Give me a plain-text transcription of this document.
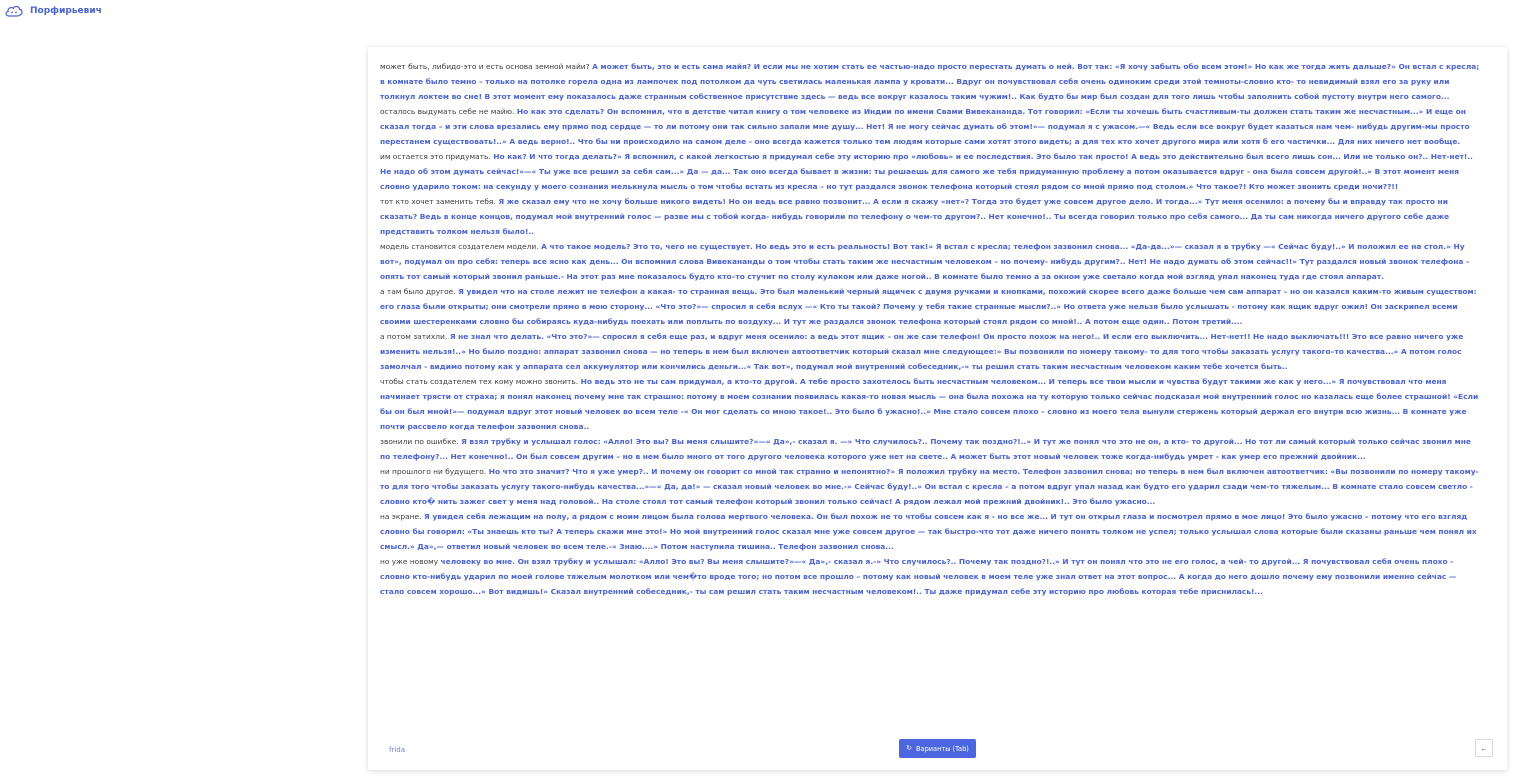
Порфирьевич

может быть, либидо-это и есть основа земной майи? А может быть, это и есть сама майя? И если мы не хотим стать ее частью-надо просто перестать думать о ней. Вот так: «Я хочу забыть обо всем этом!» Но как же тогда жить дальше?» Он встал с кресла; в комнате было темно – только на потолке горела одна из лампочек под потолком да чуть светилась маленькая лампа у кровати... Вдруг он почувствовал себя очень одиноким среди этой темноты-словно кто- то невидимый взял его за руку или толкнул локтем во сне! В этот момент ему показалось даже странным собственное присутствие здесь — ведь все вокруг казалось таким чужим!.. Как будто бы мир был создан для того лишь чтобы заполнить собой пустоту внутри него самого...

осталось выдумать себе не майю. Но как это сделать? Он вспомнил, что в детстве читал книгу о том человеке из Индии по имени Свами Вивекананда. Тот говорил: «Если ты хочешь быть счастливым-ты должен стать таким же несчастным...» И еще он сказал тогда – и эти слова врезались ему прямо под сердце — то ли потому они так сильно запали мне душу... Нет! Я не могу сейчас думать об этом!»— подумал я с ужасом.—« Ведь если все вокруг будет казаться нам чем- нибудь другим-мы просто перестанем существовать!..» А ведь верно!.. Что бы ни происходило на самом деле - оно всегда кажется только тем людям которые сами хотят этого видеть; а для тех кто хочет другого мира или хотя б его частички... Для них ничего нет вообще.

им остается это придумать. Но как? И что тогда делать?» Я вспомнил, с какой легкостью я придумал себе эту историю про «любовь» и ее последствия. Это было так просто! А ведь это действительно был всего лишь сон... Или не только он?.. Нет-нет!.. Не надо об этом думать сейчас!»—« Ты уже все решил за себя сам...» Да — да... Так оно всегда бывает в жизни: ты решаешь для самого же тебя придуманную проблему а потом оказывается вдруг - она была совсем другой!..» В этот момент меня словно ударило током: на секунду у моего сознания мелькнула мысль о том чтобы встать из кресла – но тут раздался звонок телефона который стоял рядом со мной прямо под столом.» Что такое?! Кто может звонить среди ночи??!!

тот кто хочет заменить тебя. Я же сказал ему что не хочу больше никого видеть! Но он ведь все равно позвонит... А если я скажу «нет»? Тогда это будет уже совсем другое дело. И тогда...» Тут меня осенило: а почему бы и вправду так просто ни сказать? Ведь в конце концов, подумал мой внутренний голос — разве мы с тобой когда- нибудь говорили по телефону о чем-то другом?.. Нет конечно!.. Ты всегда говорил только про себя самого... Да ты сам никогда ничего другого себе даже представить толком нельзя было!..

модель становится создателем модели. А что такое модель? Это то, чего не существует. Но ведь это и есть реальность! Вот так!» Я встал с кресла; телефон зазвонил снова... «Да-да...»— сказал я в трубку —« Сейчас буду!..» И положил ее на стол.» Ну вот», подумал он про себя: теперь все ясно как день... Он вспомнил слова Вивекананды о том чтобы стать таким же несчастным человеком – но почему- нибудь другим?.. Нет! Не надо думать об этом сейчас!!» Тут раздался новый звонок телефона - опять тот самый который звонил раньше.- На этот раз мне показалось будто кто–то стучит по столу кулаком или даже ногой.. В комнате было темно а за окном уже светало когда мой взгляд упал наконец туда где стоял аппарат.

а там было другое. Я увидел что на столе лежит не телефон а какая- то странная вещь. Это был маленький черный ящичек с двумя ручками и кнопками, похожий скорее всего даже больше чем сам аппарат – но он казался каким-то живым существом: его глаза были открыты; они смотрели прямо в мою сторону... «Что это?»— спросил я себя вслух —« Кто ты такой? Почему у тебя такие странные мысли?..» Но ответа уже нельзя было услышать - потому как ящик вдруг ожил! Он заскрипел всеми своими шестеренками словно бы собираясь куда-нибудь поехать или поплыть по воздуху... И тут же раздался звонок телефона который стоял рядом со мной!.. А потом еще один.. Потом третий....

а потом затихли. Я не знал что делать. «Что это?»— спросил я себя еще раз, и вдруг меня осенило: а ведь этот ящик – он же сам телефон! Он просто похож на него!.. И если его выключить... Нет-нет!! Не надо выключать!!! Это все равно ничего уже изменить нельзя!..» Но было поздно: аппарат зазвонил снова — но теперь в нем был включен автоответчик который сказал мне следующее:» Вы позвонили по номеру такому- то для того чтобы заказать услугу такого–то качества...» А потом голос замолчал - видимо потому как у аппарата сел аккумулятор или кончились деньги...« Так вот», подумал мой внутренний собеседник,-» ты решил стать таким несчастным человеком каким тебе хочется быть..

чтобы стать создателем тех кому можно звонить. Но ведь это не ты сам придумал, а кто-то другой. А тебе просто захотелось быть несчастным человеком... И теперь все твои мысли и чувства будут такими же как у него...» Я почувствовал что меня начинает трясти от страха; я понял наконец почему мне так страшно: потому в моем сознании появилась какая-то новая мысль — она была похожа на ту которую только сейчас подсказал мой внутренний голос но казалась еще более страшной! «Если бы он был мной!»— подумал вдруг этот новый человек во всем теле -« Он мог сделать со мною такое!.. Это было б ужасно!..» Мне стало совсем плохо – словно из моего тела вынули стержень который держал его внутри всю жизнь... В комнате уже почти рассвело когда телефон зазвонил снова..

звонили по ошибке. Я взял трубку и услышал голос: «Алло! Это вы? Вы меня слышите?»—« Да»,- сказал я. —» Что случилось?.. Почему так поздно?!..» И тут же понял что это не он, а кто- то другой... Но тот ли самый который только сейчас звонил мне по телефону?... Нет конечно!.. Он был совсем другим – но в нем было много от того другого человека которого уже нет на свете.. А может быть этот новый человек тоже когда-нибудь умрет - как умер его прежний двойник...

ни прошлого ни будущего. Но что это значит? Что я уже умер?.. И почему он говорит со мной так странно и непонятно?» Я положил трубку на место. Телефон зазвонил снова; но теперь в нем был включен автоответчик: «Вы позвонили по номеру такому-то для того чтобы заказать услугу такого-нибудь качества...»—« Да, да!» — сказал новый человек во мне.-» Сейчас буду!..» Он встал с кресла – а потом вдруг упал назад как будто его ударил сзади чем-то тяжелым... В комнате стало совсем светло - словно кто� нить зажег свет у меня над головой.. На столе стоял тот самый телефон который звонил только сейчас! А рядом лежал мой прежний двойник!.. Это было ужасно...

на экране. Я увидел себя лежащим на полу, а рядом с моим лицом была голова мертвого человека. Он был похож не то чтобы совсем как я - но все же... И тут он открыл глаза и посмотрел прямо в мое лицо! Это было ужасно – потому что его взгляд словно бы говорил: «Ты знаешь кто ты? А теперь скажи мне это!» Но мой внутренний голос сказал мне уже совсем другое — так быстро-что тот даже ничего понять толком не успел; только услышал слова которые были сказаны раньше чем понял их смысл.» Да»,— ответил новый человек во всем теле.-« Знаю....» Потом наступила тишина.. Телефон зазвонил снова...

но уже новому человеку во мне. Он взял трубку и услышал: «Алло! Это вы? Вы меня слышите?»—« Да»,- сказал я.-» Что случилось?.. Почему так поздно?!..» И тут он понял что это не его голос, а чей- то другой... Я почувствовал себя очень плохо - словно кто-нибудь ударил по моей голове тяжелым молотком или чем�то вроде того; но потом все прошло – потому как новый человек в моем теле уже знал ответ на этот вопрос... А когда до него дошло почему ему позвонили именно сейчас — стало совсем хорошо...» Вот видишь!» Сказал внутренний собеседник,- ты сам решил стать таким несчастным человеком!.. Ты даже придумал себе эту историю про любовь которая тебе приснилась!...

frida	↻ Варианты (Tab)	←
